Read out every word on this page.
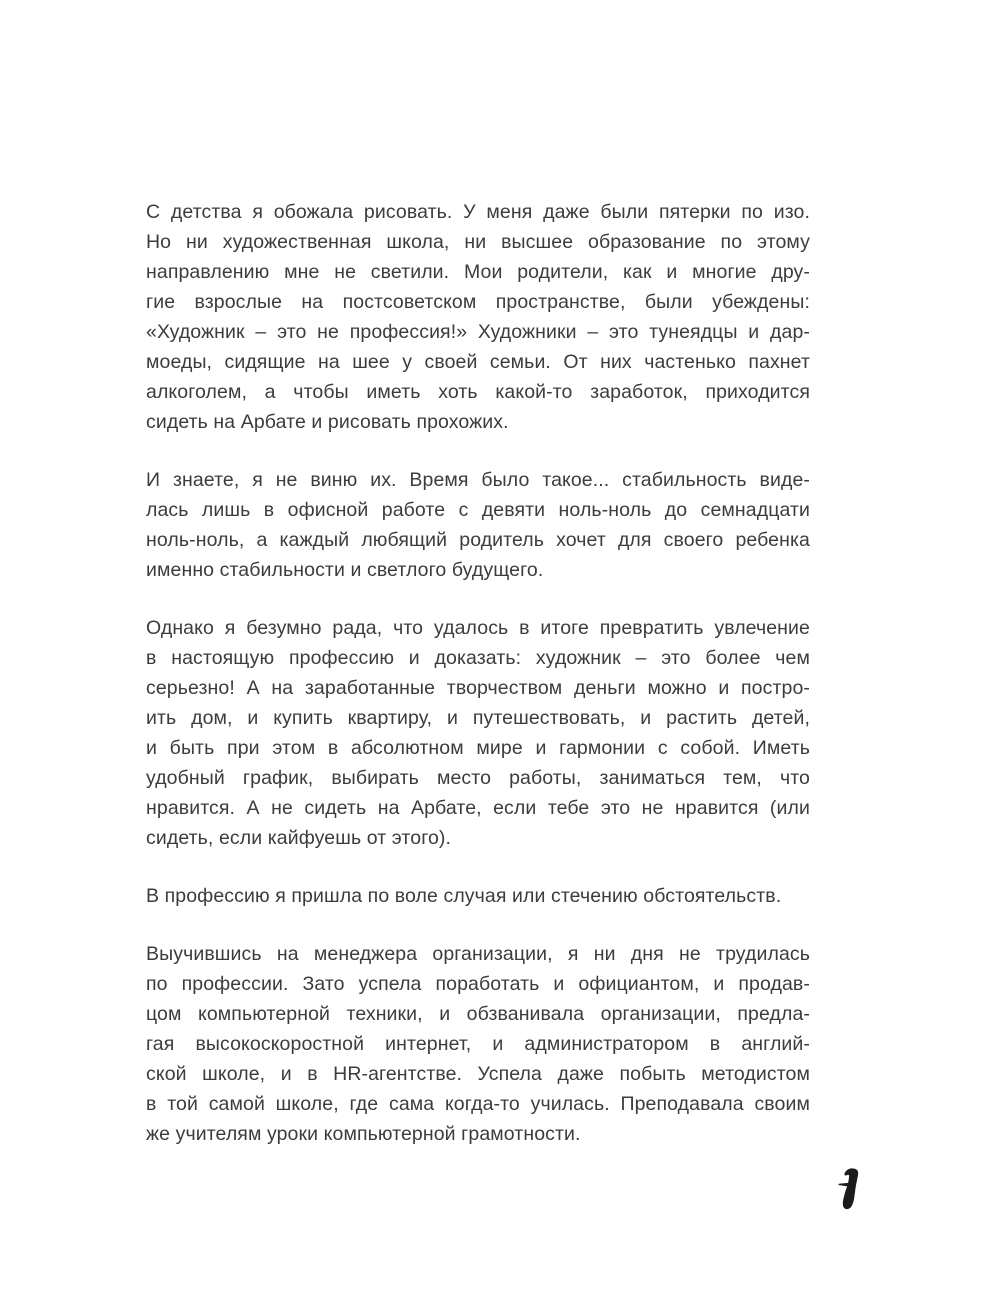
С детства я обожала рисовать. У меня даже были пятерки по изо.
Но ни художественная школа, ни высшее образование по этому
направлению мне не светили. Мои родители, как и многие дру-
гие взрослые на постсоветском пространстве, были убеждены:
«Художник – это не профессия!» Художники – это тунеядцы и дар-
моеды, сидящие на шее у своей семьи. От них частенько пахнет
алкоголем, а чтобы иметь хоть какой-то заработок, приходится
сидеть на Арбате и рисовать прохожих.
И знаете, я не виню их. Время было такое... стабильность виде-
лась лишь в офисной работе с девяти ноль-ноль до семнадцати
ноль-ноль, а каждый любящий родитель хочет для своего ребенка
именно стабильности и светлого будущего.
Однако я безумно рада, что удалось в итоге превратить увлечение
в настоящую профессию и доказать: художник – это более чем
серьезно! А на заработанные творчеством деньги можно и постро-
ить дом, и купить квартиру, и путешествовать, и растить детей,
и быть при этом в абсолютном мире и гармонии с собой. Иметь
удобный график, выбирать место работы, заниматься тем, что
нравится. А не сидеть на Арбате, если тебе это не нравится (или
сидеть, если кайфуешь от этого).
В профессию я пришла по воле случая или стечению обстоятельств.
Выучившись на менеджера организации, я ни дня не трудилась
по профессии. Зато успела поработать и официантом, и продав-
цом компьютерной техники, и обзванивала организации, предла-
гая высокоскоростной интернет, и администратором в англий-
ской школе, и в HR-агентстве. Успела даже побыть методистом
в той самой школе, где сама когда-то училась. Преподавала своим
же учителям уроки компьютерной грамотности.
